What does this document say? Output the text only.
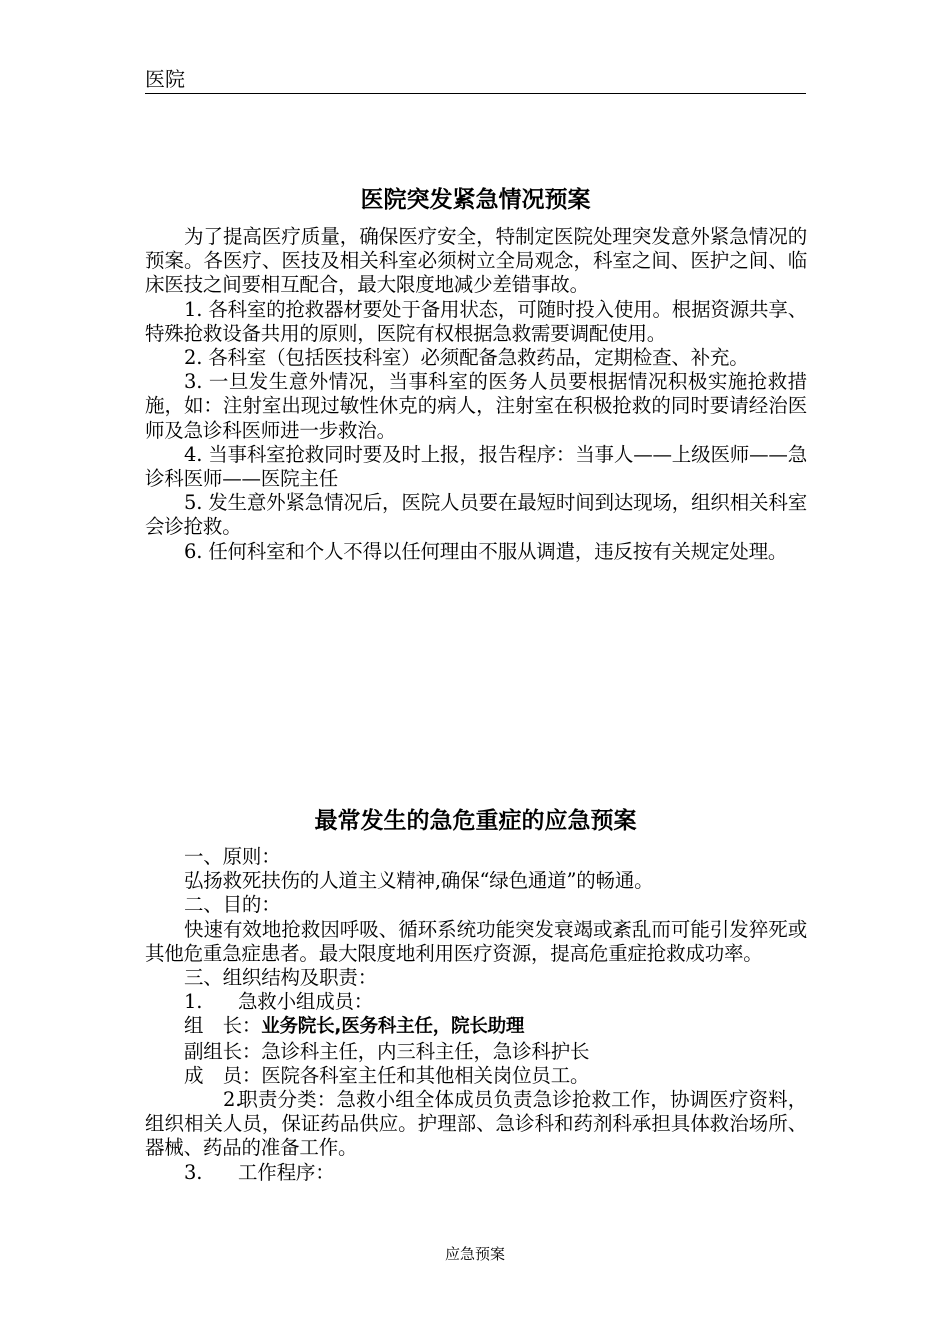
医院
医院突发紧急情况预案

为了提高医疗质量，确保医疗安全，特制定医院处理突发意外紧急情况的预案。各医疗、医技及相关科室必须树立全局观念，科室之间、医护之间、临床医技之间要相互配合，最大限度地减少差错事故。

1. 各科室的抢救器材要处于备用状态，可随时投入使用。根据资源共享、特殊抢救设备共用的原则，医院有权根据急救需要调配使用。

2. 各科室（包括医技科室）必须配备急救药品，定期检查、补充。

3. 一旦发生意外情况，当事科室的医务人员要根据情况积极实施抢救措施，如：注射室出现过敏性休克的病人，注射室在积极抢救的同时要请经治医师及急诊科医师进一步救治。

4. 当事科室抢救同时要及时上报，报告程序：当事人——上级医师——急诊科医师——医院主任

5. 发生意外紧急情况后，医院人员要在最短时间到达现场，组织相关科室会诊抢救。

6. 任何科室和个人不得以任何理由不服从调遣，违反按有关规定处理。

最常发生的急危重症的应急预案

一、原则：

弘扬救死扶伤的人道主义精神,确保“绿色通道”的畅通。

二、目的：

快速有效地抢救因呼吸、循环系统功能突发衰竭或紊乱而可能引发猝死或其他危重急症患者。最大限度地利用医疗资源，提高危重症抢救成功率。

三、组织结构及职责：

1. 急救小组成员：

组　长：业务院长,医务科主任，院长助理

副组长：急诊科主任，内三科主任，急诊科护长

成　员：医院各科室主任和其他相关岗位员工。

2.职责分类：急救小组全体成员负责急诊抢救工作，协调医疗资料，组织相关人员，保证药品供应。护理部、急诊科和药剂科承担具体救治场所、器械、药品的准备工作。

3. 工作程序：

应急预案
